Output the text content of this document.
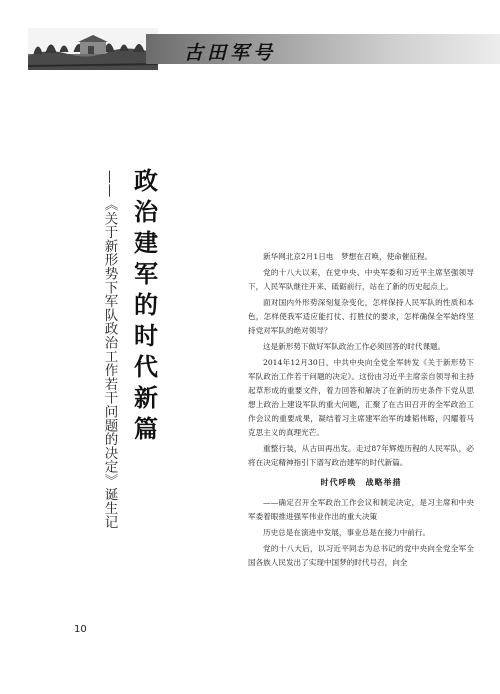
古田军号
政治建军的时代新篇
——《关于新形势下军队政治工作若干问题的决定》诞生记	新华网北京2月1日电　梦想在召唤，使命催征程。

党的十八大以来，在党中央、中央军委和习近平主席坚强领导下，人民军队继往开来、砥砺前行，站在了新的历史起点上。

面对国内外形势深刻复杂变化，怎样保持人民军队的性质和本色，怎样使我军适应能打仗、打胜仗的要求，怎样确保全军始终坚持党对军队的绝对领导？

这是新形势下做好军队政治工作必须回答的时代课题。

2014年12月30日，中共中央向全党全军转发《关于新形势下军队政治工作若干问题的决定》。这份由习近平主席亲自领导和主持起草形成的重要文件，着力回答和解决了在新的历史条件下党从思想上政治上建设军队的重大问题，汇聚了在古田召开的全军政治工作会议的重要成果，凝结着习主席建军治军的雄韬伟略，闪耀着马克思主义的真理光芒。

重整行装，从古田再出发。走过87年辉煌历程的人民军队，必将在决定精神指引下谱写政治建军的时代新篇。

时代呼唤　战略举措

——确定召开全军政治工作会议和制定决定，是习主席和中央军委着眼推进强军伟业作出的重大决策

历史总是在演进中发展，事业总是在接力中前行。

党的十八大后，以习近平同志为总书记的党中央向全党全军全国各族人民发出了实现中国梦的时代号召，向全

10
